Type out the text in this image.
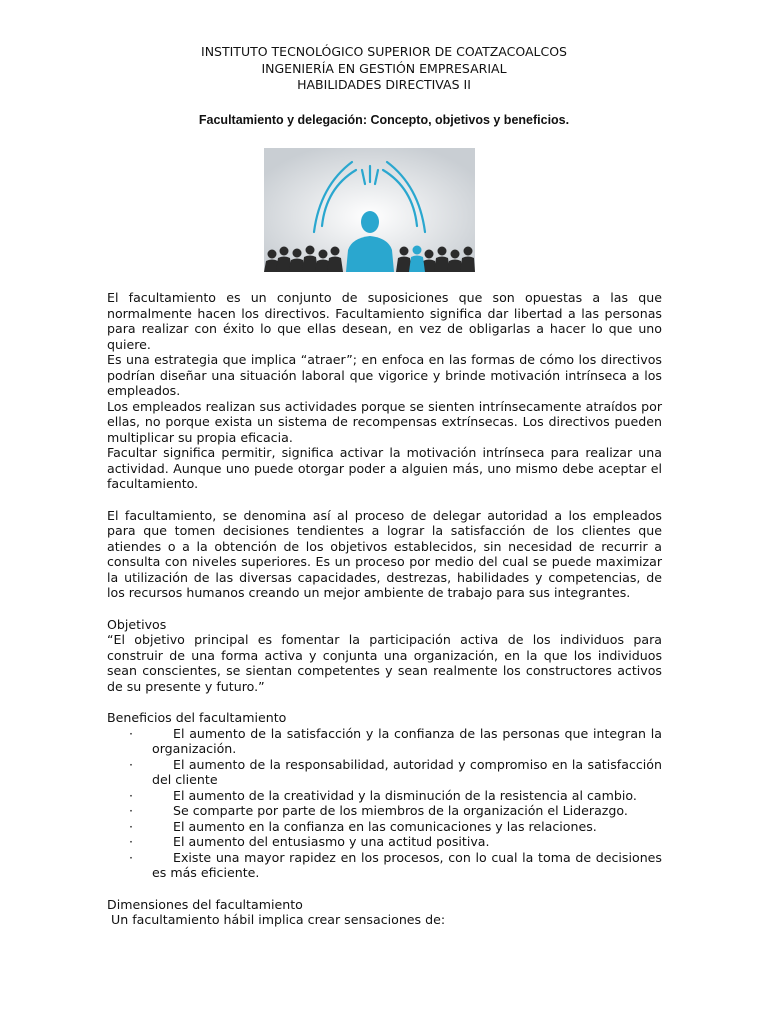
INSTITUTO TECNOLÓGICO SUPERIOR DE COATZACOALCOS
INGENIERÍA EN GESTIÓN EMPRESARIAL
HABILIDADES DIRECTIVAS II
Facultamiento y delegación: Concepto, objetivos y beneficios.

El facultamiento es un conjunto de suposiciones que son opuestas a las que normalmente hacen los directivos. Facultamiento significa dar libertad a las personas para realizar con éxito lo que ellas desean, en vez de obligarlas a hacer lo que uno quiere.

Es una estrategia que implica “atraer”; en enfoca en las formas de cómo los directivos podrían diseñar una situación laboral que vigorice y brinde motivación intrínseca a los empleados.

Los empleados realizan sus actividades porque se sienten intrínsecamente atraídos por ellas, no porque exista un sistema de recompensas extrínsecas. Los directivos pueden multiplicar su propia eficacia.

Facultar significa permitir, significa activar la motivación intrínseca para realizar una actividad. Aunque uno puede otorgar poder a alguien más, uno mismo debe aceptar el facultamiento.

El facultamiento, se denomina así al proceso de delegar autoridad a los empleados para que tomen decisiones tendientes a lograr la satisfacción de los clientes que atiendes o a la obtención de los objetivos establecidos, sin necesidad de recurrir a consulta con niveles superiores. Es un proceso por medio del cual se puede maximizar la utilización de las diversas capacidades, destrezas, habilidades y competencias, de los recursos humanos creando un mejor ambiente de trabajo para sus integrantes.

Objetivos

“El objetivo principal es fomentar la participación activa de los individuos para construir de una forma activa y conjunta una organización, en la que los individuos sean conscientes, se sientan competentes y sean realmente los constructores activos de su presente y futuro.”

Beneficios del facultamiento

·	El aumento de la satisfacción y la confianza de las personas que integran la organización.
·	El aumento de la responsabilidad, autoridad y compromiso en la satisfacción del cliente
·	El aumento de la creatividad y la disminución de la resistencia al cambio.
·	Se comparte por parte de los miembros de la organización el Liderazgo.
·	El aumento en la confianza en las comunicaciones y las relaciones.
·	El aumento del entusiasmo y una actitud positiva.
·	Existe una mayor rapidez en los procesos, con lo cual la toma de decisiones es más eficiente.

Dimensiones del facultamiento

Un facultamiento hábil implica crear sensaciones de:
